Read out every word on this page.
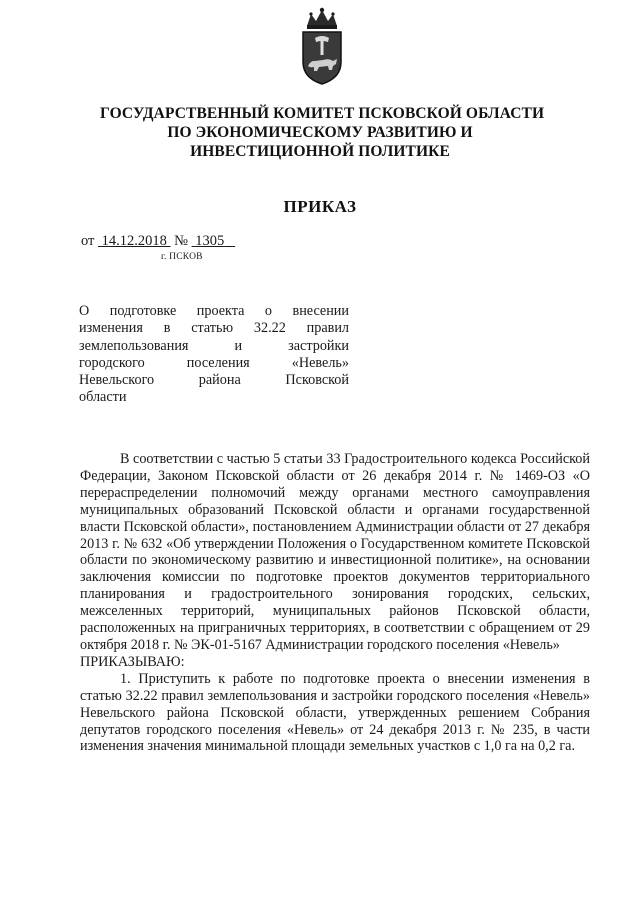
ГОСУДАРСТВЕННЫЙ КОМИТЕТ ПСКОВСКОЙ ОБЛАСТИ
ПО ЭКОНОМИЧЕСКОМУ РАЗВИТИЮ И
ИНВЕСТИЦИОННОЙ ПОЛИТИКЕ
ПРИКАЗ
от 14.12.2018 № 1305
г. ПСКОВ
О подготовке проекта о внесении
изменения в статью 32.22 правил
землепользования и застройки
городского поселения «Невель»
Невельского района Псковской
области

В соответствии с частью 5 статьи 33 Градостроительного кодекса Российской Федерации, Законом Псковской области от 26 декабря 2014 г. № 1469-ОЗ «О перераспределении полномочий между органами местного самоуправления муниципальных образований Псковской области и органами государственной власти Псковской области», постановлением Администрации области от 27 декабря 2013 г. № 632 «Об утверждении Положения о Государственном комитете Псковской области по экономическому развитию и инвестиционной политике», на основании заключения комиссии по подготовке проектов документов территориального планирования и градостроительного зонирования городских, сельских, межселенных территорий, муниципальных районов Псковской области, расположенных на приграничных территориях, в соответствии с обращением от 29 октября 2018 г. № ЭК-01-5167 Администрации городского поселения «Невель»

ПРИКАЗЫВАЮ:

1. Приступить к работе по подготовке проекта о внесении изменения в статью 32.22 правил землепользования и застройки городского поселения «Невель» Невельского района Псковской области, утвержденных решением Собрания депутатов городского поселения «Невель» от 24 декабря 2013 г. № 235, в части изменения значения минимальной площади земельных участков с 1,0 га на 0,2 га.
